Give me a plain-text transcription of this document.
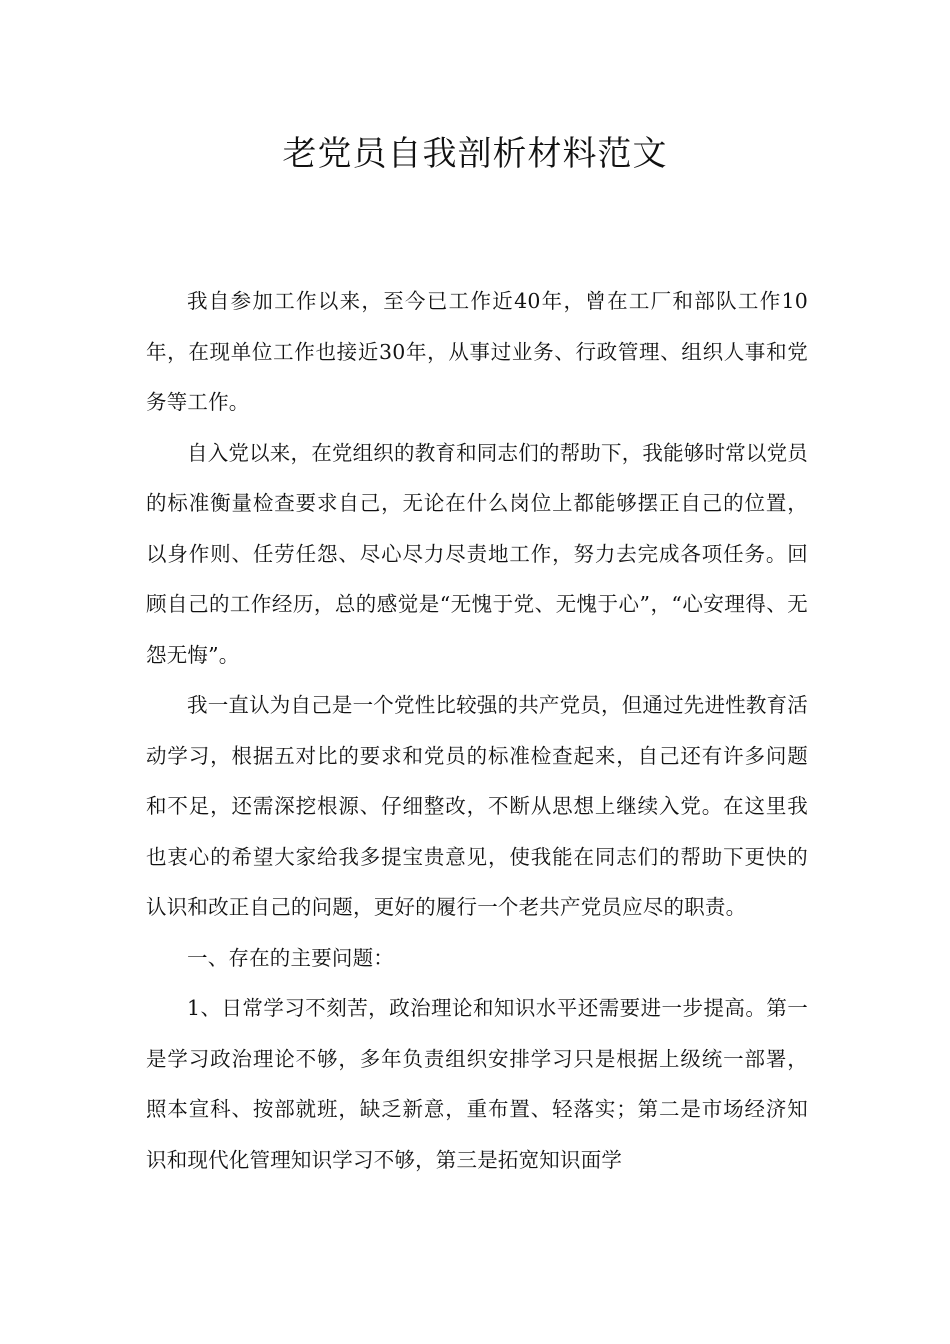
老党员自我剖析材料范文

我自参加工作以来，至今已工作近40年，曾在工厂和部队工作10年，在现单位工作也接近30年，从事过业务、行政管理、组织人事和党务等工作。

自入党以来，在党组织的教育和同志们的帮助下，我能够时常以党员的标准衡量检查要求自己，无论在什么岗位上都能够摆正自己的位置，以身作则、任劳任怨、尽心尽力尽责地工作，努力去完成各项任务。回顾自己的工作经历，总的感觉是“无愧于党、无愧于心”，“心安理得、无怨无悔”。

我一直认为自己是一个党性比较强的共产党员，但通过先进性教育活动学习，根据五对比的要求和党员的标准检查起来，自己还有许多问题和不足，还需深挖根源、仔细整改，不断从思想上继续入党。在这里我也衷心的希望大家给我多提宝贵意见，使我能在同志们的帮助下更快的认识和改正自己的问题，更好的履行一个老共产党员应尽的职责。

一、存在的主要问题：

1、日常学习不刻苦，政治理论和知识水平还需要进一步提高。第一是学习政治理论不够，多年负责组织安排学习只是根据上级统一部署，照本宣科、按部就班，缺乏新意，重布置、轻落实；第二是市场经济知识和现代化管理知识学习不够，第三是拓宽知识面学
